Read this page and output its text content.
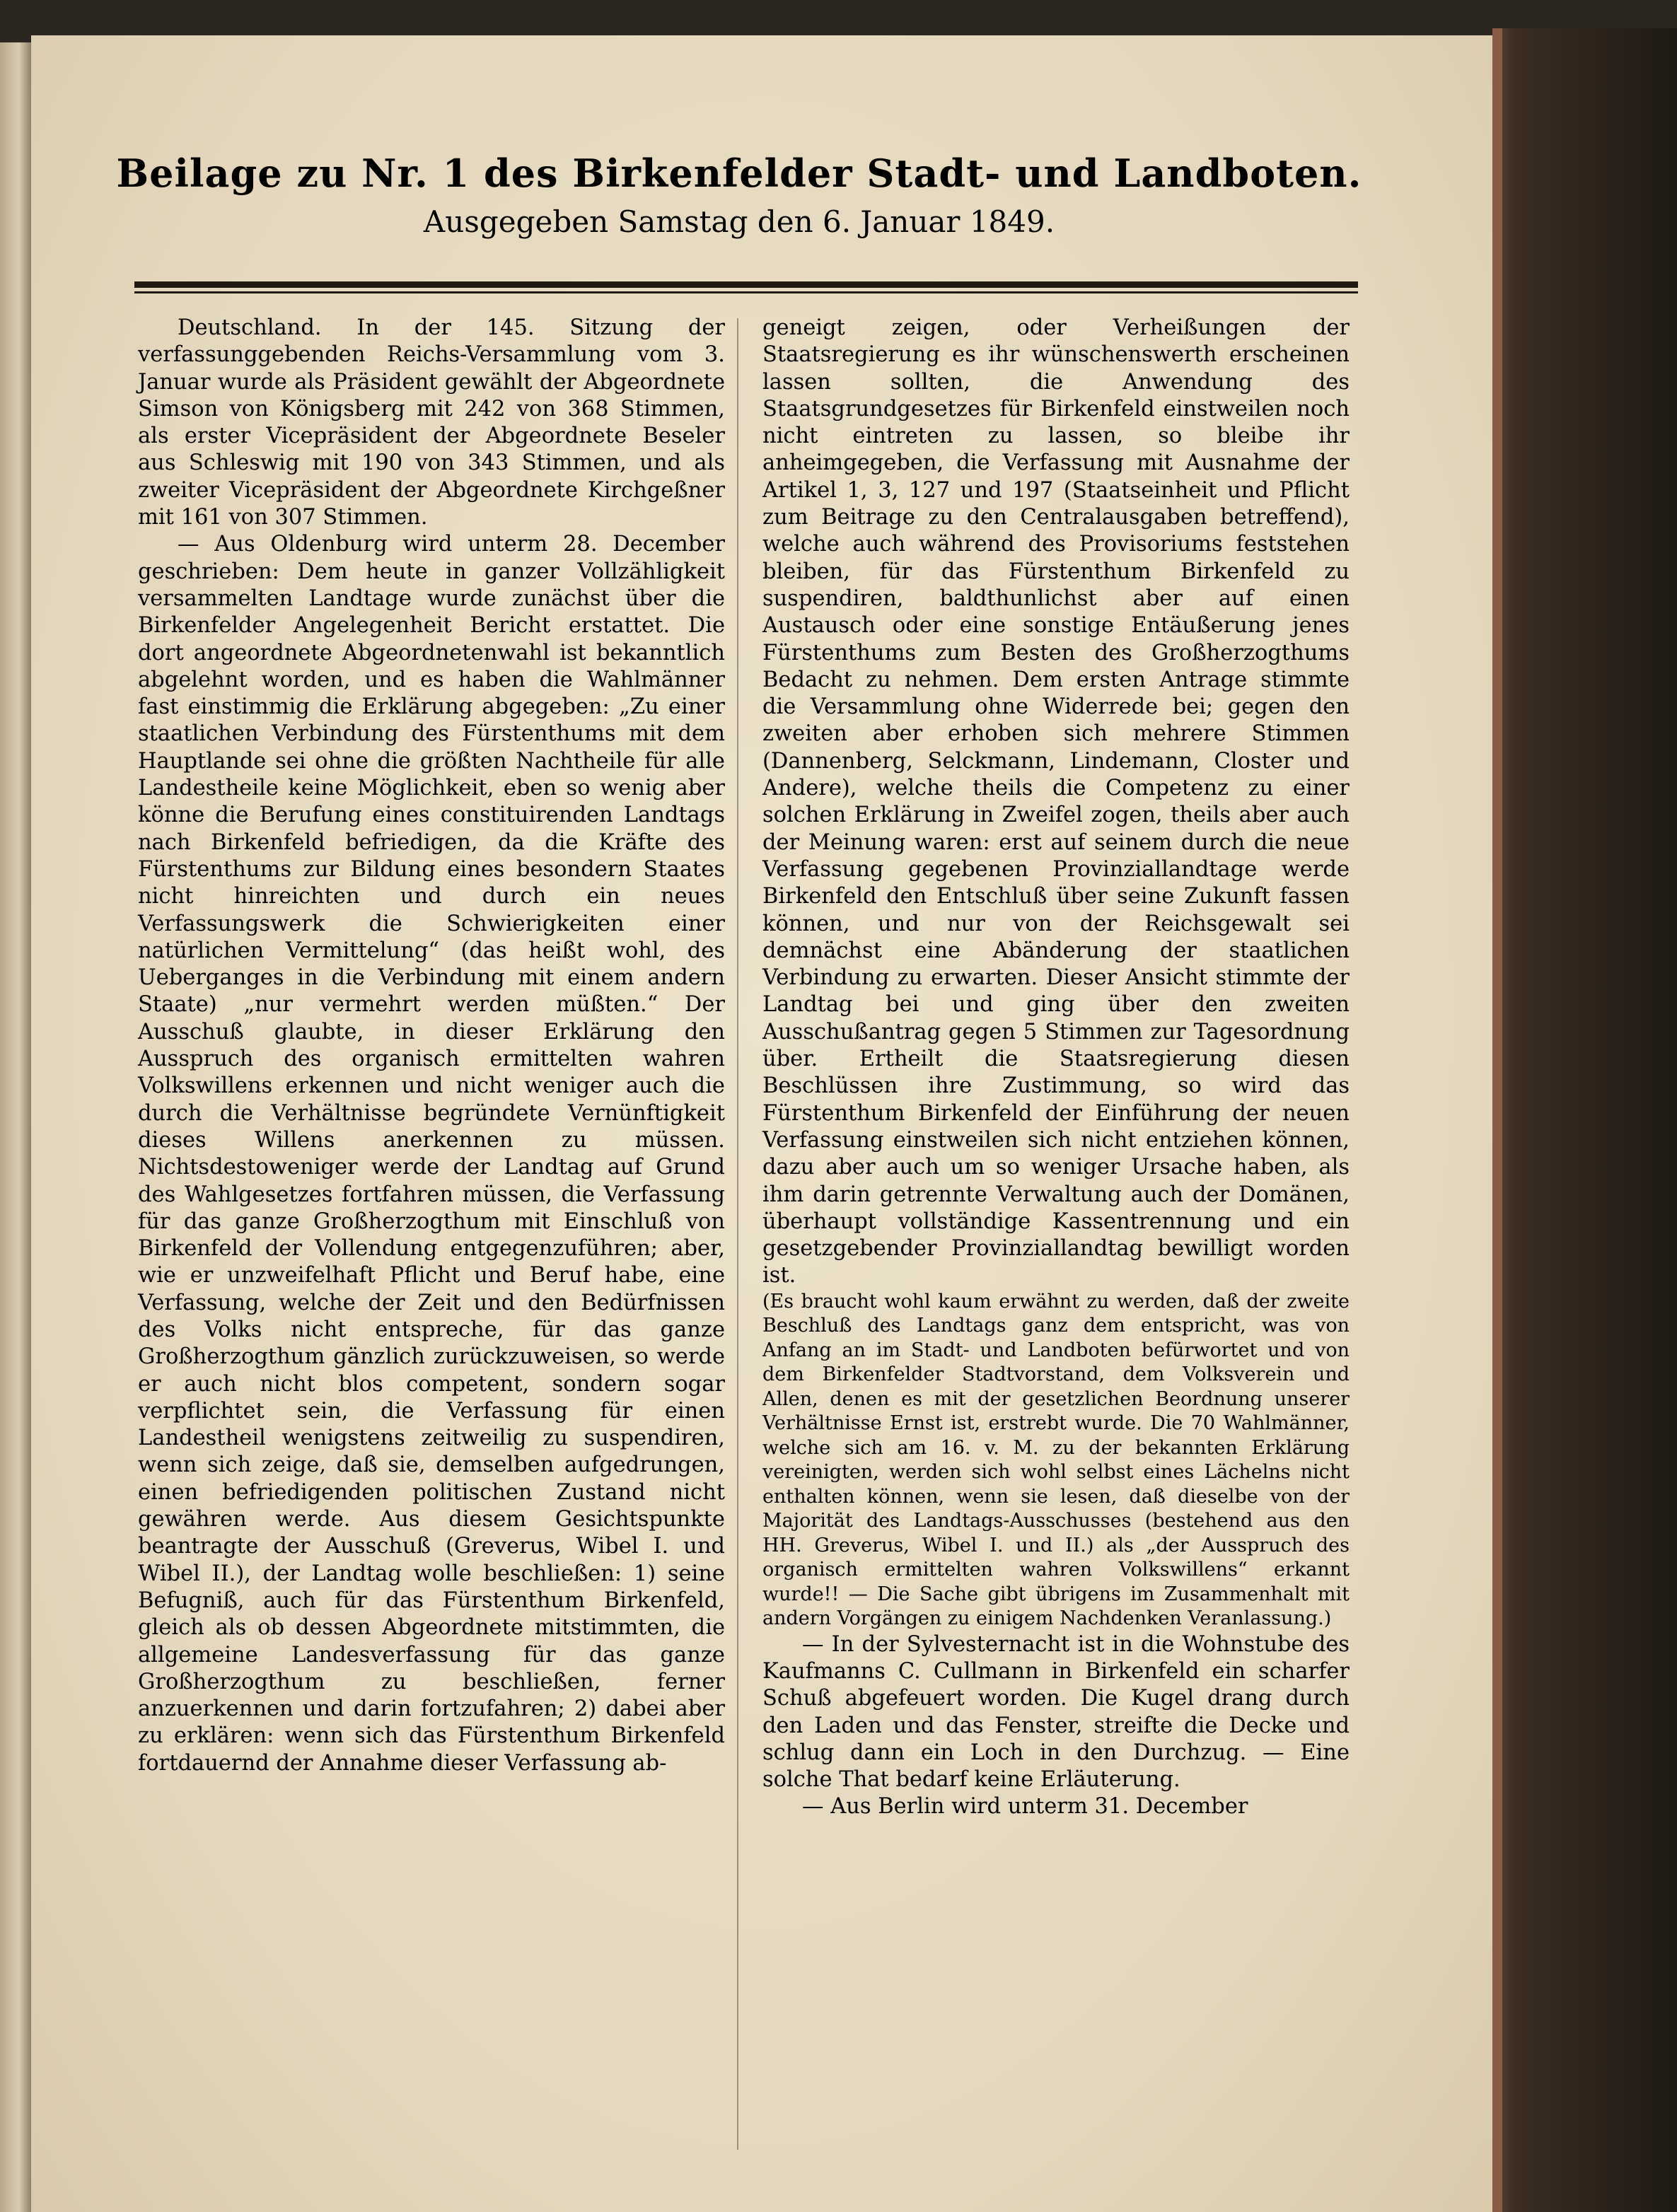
Beilage zu Nr. 1 des Birkenfelder Stadt- und Landboten.
Ausgegeben Samstag den 6. Januar 1849.

Deutschland. In der 145. Sitzung der verfassunggebenden Reichs-Versammlung vom 3. Januar wurde als Präsident gewählt der Abgeordnete Simson von Königsberg mit 242 von 368 Stimmen, als erster Vicepräsident der Abgeordnete Beseler aus Schleswig mit 190 von 343 Stimmen, und als zweiter Vicepräsident der Abgeordnete Kirchgeßner mit 161 von 307 Stimmen.

— Aus Oldenburg wird unterm 28. December geschrieben: Dem heute in ganzer Vollzähligkeit versammelten Landtage wurde zunächst über die Birkenfelder Angelegenheit Bericht erstattet. Die dort angeordnete Abgeordnetenwahl ist bekanntlich abgelehnt worden, und es haben die Wahlmänner fast einstimmig die Erklärung abgegeben: „Zu einer staatlichen Verbindung des Fürstenthums mit dem Hauptlande sei ohne die größten Nachtheile für alle Landestheile keine Möglichkeit, eben so wenig aber könne die Berufung eines constituirenden Landtags nach Birkenfeld befriedigen, da die Kräfte des Fürstenthums zur Bildung eines besondern Staates nicht hinreichten und durch ein neues Verfassungswerk die Schwierigkeiten einer natürlichen Vermittelung“ (das heißt wohl, des Ueberganges in die Verbindung mit einem andern Staate) „nur vermehrt werden müßten.“ Der Ausschuß glaubte, in dieser Erklärung den Ausspruch des organisch ermittelten wahren Volkswillens erkennen und nicht weniger auch die durch die Verhältnisse begründete Vernünftigkeit dieses Willens anerkennen zu müssen. Nichtsdestoweniger werde der Landtag auf Grund des Wahlgesetzes fortfahren müssen, die Verfassung für das ganze Großherzogthum mit Einschluß von Birkenfeld der Vollendung entgegenzuführen; aber, wie er unzweifelhaft Pflicht und Beruf habe, eine Verfassung, welche der Zeit und den Bedürfnissen des Volks nicht entspreche, für das ganze Großherzogthum gänzlich zurückzuweisen, so werde er auch nicht blos competent, sondern sogar verpflichtet sein, die Verfassung für einen Landestheil wenigstens zeitweilig zu suspendiren, wenn sich zeige, daß sie, demselben aufgedrungen, einen befriedigenden politischen Zustand nicht gewähren werde. Aus diesem Gesichtspunkte beantragte der Ausschuß (Greverus, Wibel I. und Wibel II.), der Landtag wolle beschließen: 1) seine Befugniß, auch für das Fürstenthum Birkenfeld, gleich als ob dessen Abgeordnete mitstimmten, die allgemeine Landesverfassung für das ganze Großherzogthum zu beschließen, ferner anzuerkennen und darin fortzufahren; 2) dabei aber zu erklären: wenn sich das Fürstenthum Birkenfeld fortdauernd der Annahme dieser Verfassung ab-

geneigt zeigen, oder Verheißungen der Staatsregierung es ihr wünschenswerth erscheinen lassen sollten, die Anwendung des Staatsgrundgesetzes für Birkenfeld einstweilen noch nicht eintreten zu lassen, so bleibe ihr anheimgegeben, die Verfassung mit Ausnahme der Artikel 1, 3, 127 und 197 (Staatseinheit und Pflicht zum Beitrage zu den Centralausgaben betreffend), welche auch während des Provisoriums feststehen bleiben, für das Fürstenthum Birkenfeld zu suspendiren, baldthunlichst aber auf einen Austausch oder eine sonstige Entäußerung jenes Fürstenthums zum Besten des Großherzogthums Bedacht zu nehmen. Dem ersten Antrage stimmte die Versammlung ohne Widerrede bei; gegen den zweiten aber erhoben sich mehrere Stimmen (Dannenberg, Selckmann, Lindemann, Closter und Andere), welche theils die Competenz zu einer solchen Erklärung in Zweifel zogen, theils aber auch der Meinung waren: erst auf seinem durch die neue Verfassung gegebenen Provinziallandtage werde Birkenfeld den Entschluß über seine Zukunft fassen können, und nur von der Reichsgewalt sei demnächst eine Abänderung der staatlichen Verbindung zu erwarten. Dieser Ansicht stimmte der Landtag bei und ging über den zweiten Ausschußantrag gegen 5 Stimmen zur Tagesordnung über. Ertheilt die Staatsregierung diesen Beschlüssen ihre Zustimmung, so wird das Fürstenthum Birkenfeld der Einführung der neuen Verfassung einstweilen sich nicht entziehen können, dazu aber auch um so weniger Ursache haben, als ihm darin getrennte Verwaltung auch der Domänen, überhaupt vollständige Kassentrennung und ein gesetzgebender Provinziallandtag bewilligt worden ist.

(Es braucht wohl kaum erwähnt zu werden, daß der zweite Beschluß des Landtags ganz dem entspricht, was von Anfang an im Stadt- und Landboten befürwortet und von dem Birkenfelder Stadtvorstand, dem Volksverein und Allen, denen es mit der gesetzlichen Beordnung unserer Verhältnisse Ernst ist, erstrebt wurde. Die 70 Wahlmänner, welche sich am 16. v. M. zu der bekannten Erklärung vereinigten, werden sich wohl selbst eines Lächelns nicht enthalten können, wenn sie lesen, daß dieselbe von der Majorität des Landtags-Ausschusses (bestehend aus den HH. Greverus, Wibel I. und II.) als „der Ausspruch des organisch ermittelten wahren Volkswillens“ erkannt wurde!! — Die Sache gibt übrigens im Zusammenhalt mit andern Vorgängen zu einigem Nachdenken Veranlassung.)

— In der Sylvesternacht ist in die Wohnstube des Kaufmanns C. Cullmann in Birkenfeld ein scharfer Schuß abgefeuert worden. Die Kugel drang durch den Laden und das Fenster, streifte die Decke und schlug dann ein Loch in den Durchzug. — Eine solche That bedarf keine Erläuterung.

— Aus Berlin wird unterm 31. December
